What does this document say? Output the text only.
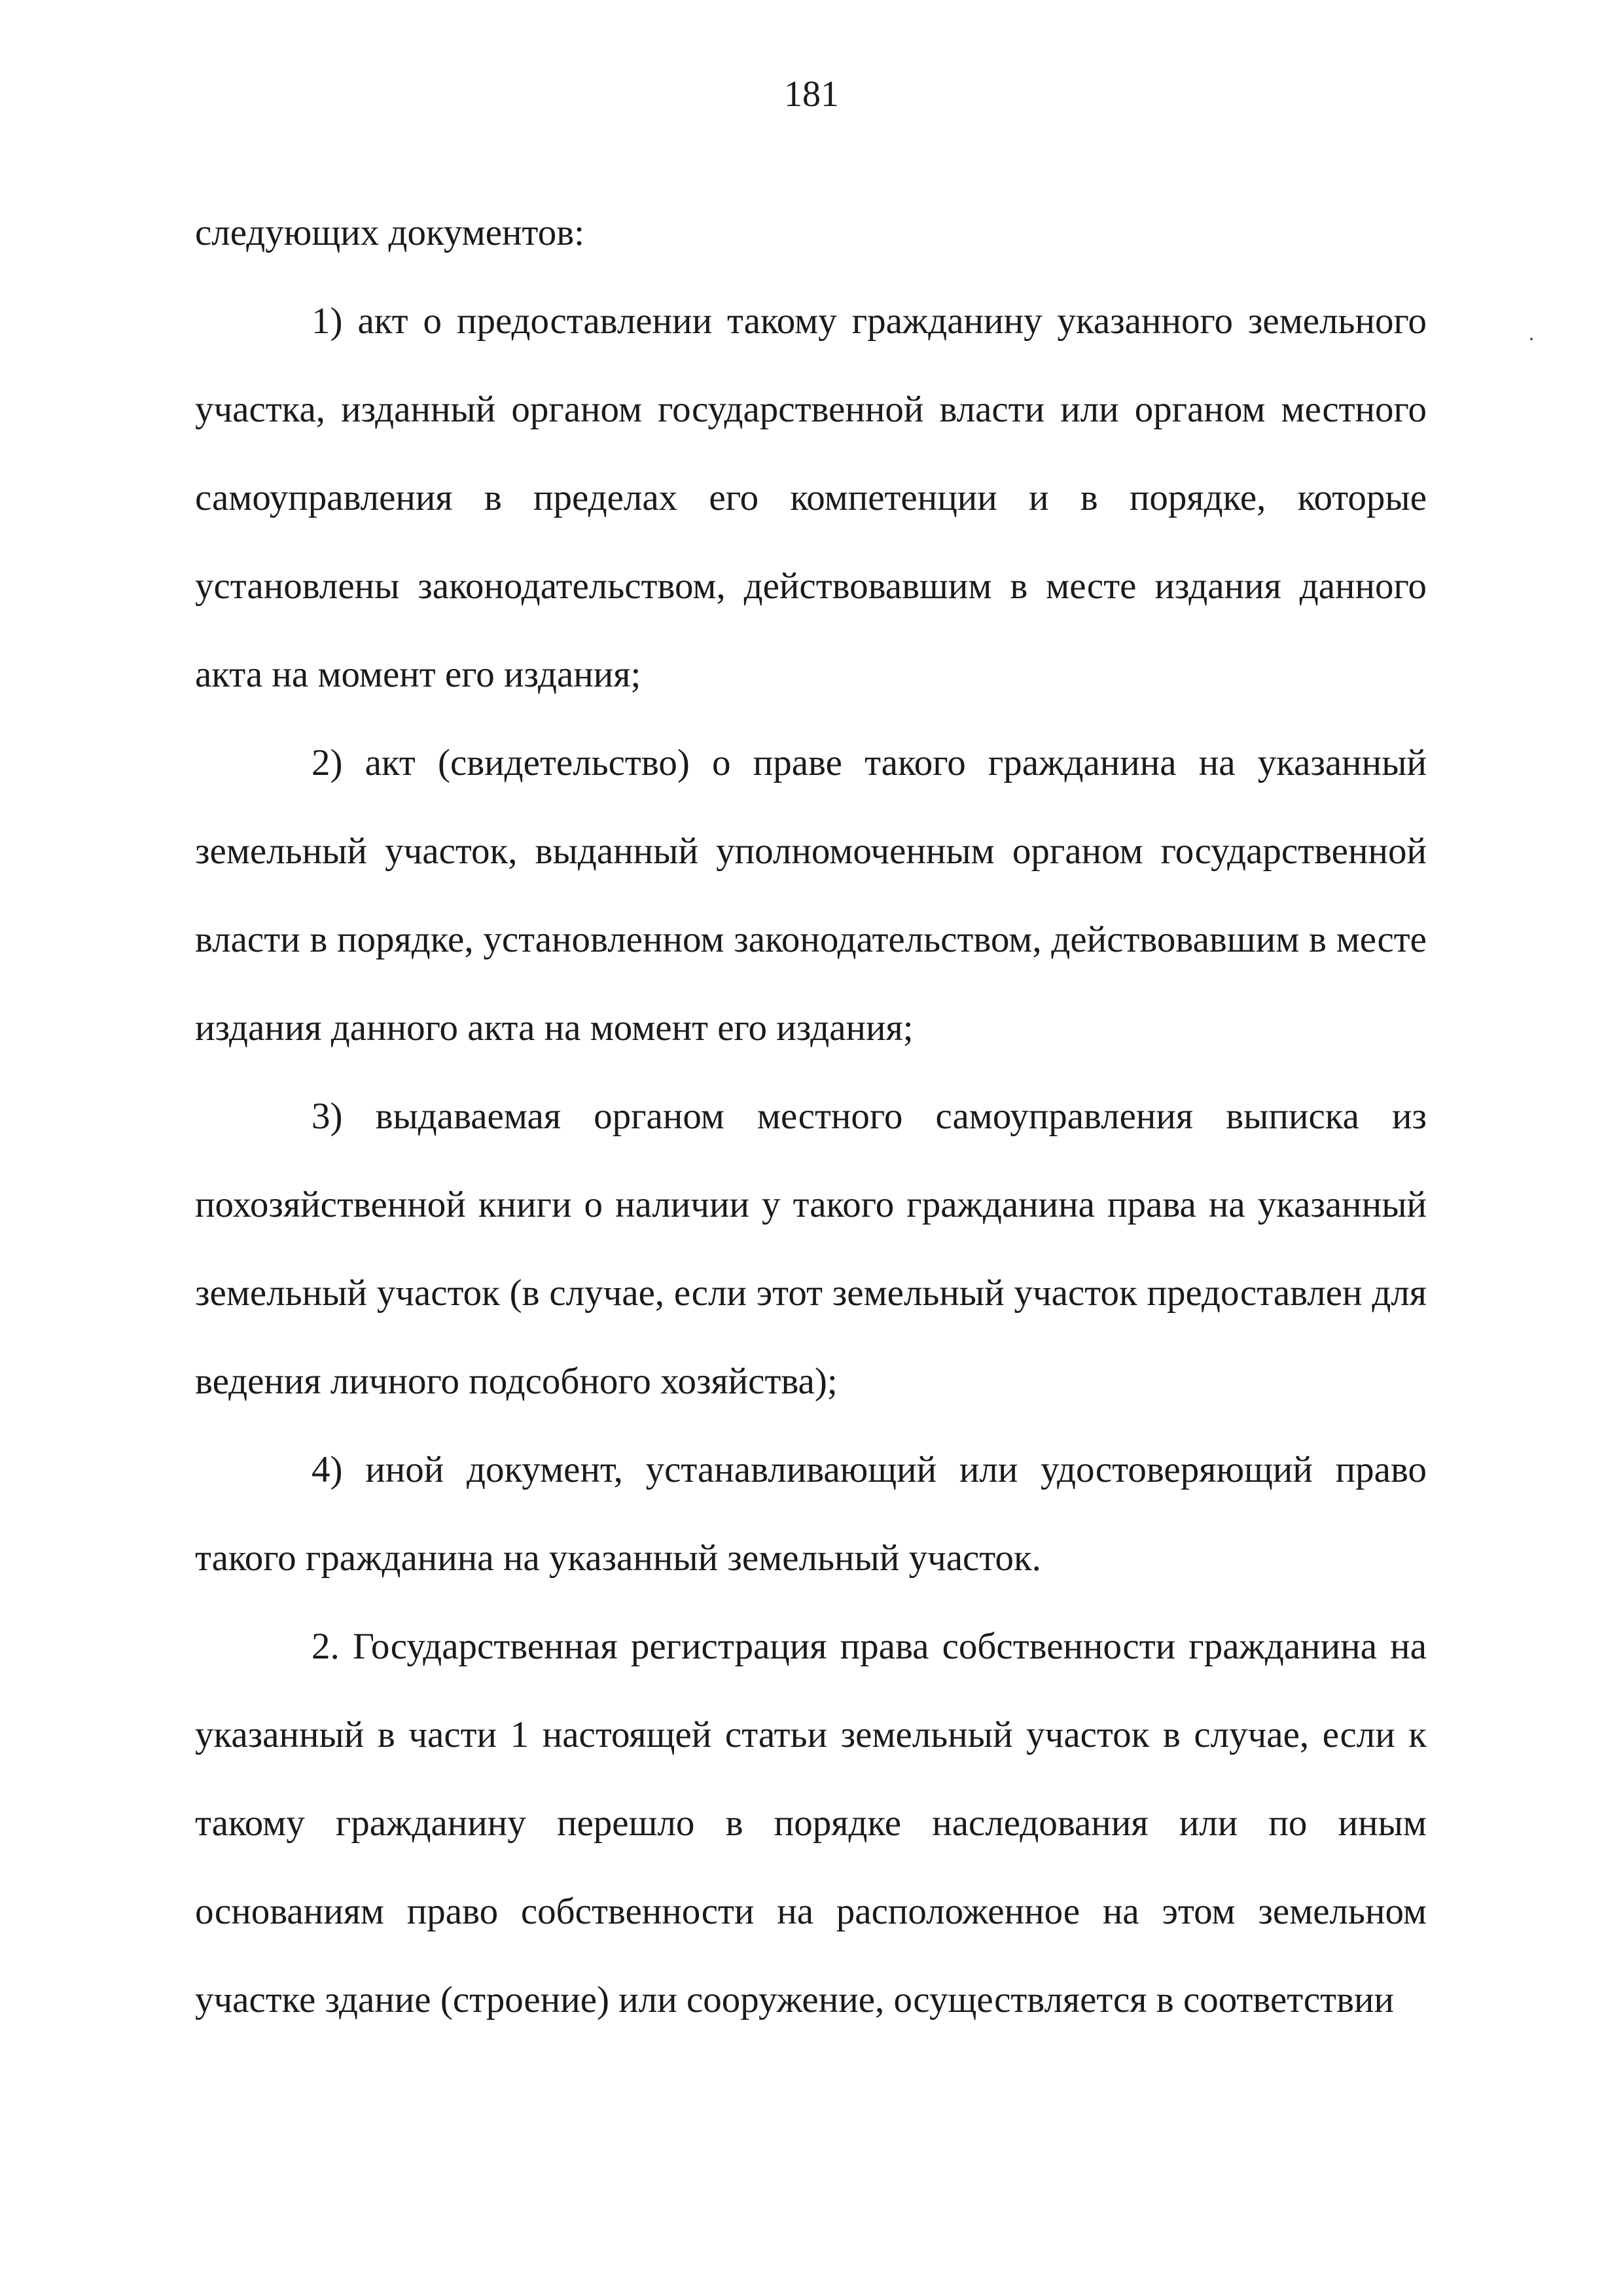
181

следующих документов:

1) акт о предоставлении такому гражданину указанного земельного участка, изданный органом государственной власти или органом местного самоуправления в пределах его компетенции и в порядке, которые установлены законодательством, действовавшим в месте издания данного акта на момент его издания;

2) акт (свидетельство) о праве такого гражданина на указанный земельный участок, выданный уполномоченным органом государственной власти в порядке, установленном законодательством, действовавшим в месте издания данного акта на момент его издания;

3) выдаваемая органом местного самоуправления выписка из похозяйственной книги о наличии у такого гражданина права на указанный земельный участок (в случае, если этот земельный участок предоставлен для ведения личного подсобного хозяйства);

4) иной документ, устанавливающий или удостоверяющий право такого гражданина на указанный земельный участок.

2. Государственная регистрация права собственности гражданина на указанный в части 1 настоящей статьи земельный участок в случае, если к такому гражданину перешло в порядке наследования или по иным основаниям право собственности на расположенное на этом земельном участке здание (строение) или сооружение, осуществляется в соответствии
